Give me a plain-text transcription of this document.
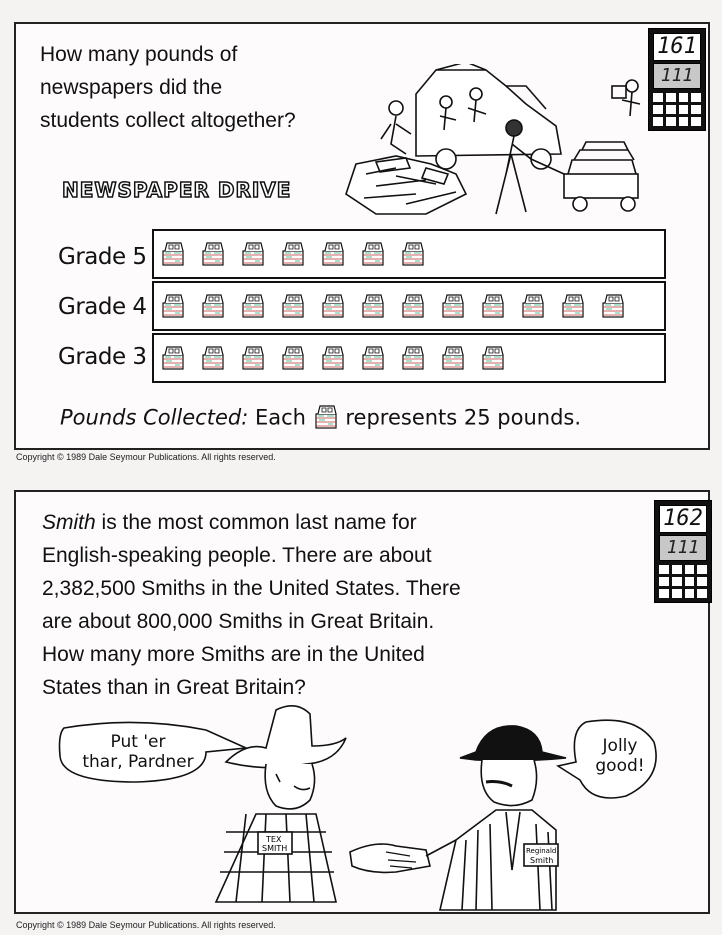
How many pounds of
newspapers did the
students collect altogether?
161
111
NEWSPAPER DRIVE
Grade 5
Grade 4
Grade 3
Pounds Collected: Each represents 25 pounds.
Copyright © 1989 Dale Seymour Publications. All rights reserved.
Smith is the most common last name for
English-speaking people. There are about
2,382,500 Smiths in the United States. There
are about 800,000 Smiths in Great Britain.
How many more Smiths are in the United
States than in Great Britain?
162
111
Put 'er
thar, Pardner
Jolly
good!
TEX
SMITH	Reginald
Smith
Copyright © 1989 Dale Seymour Publications. All rights reserved.
